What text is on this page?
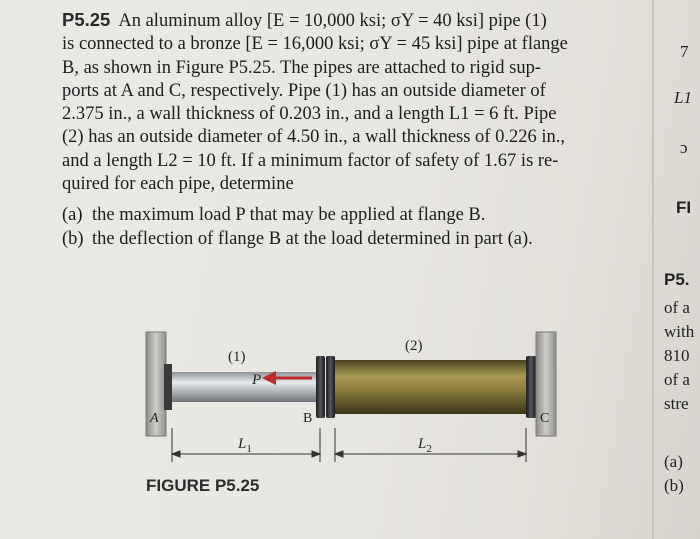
P5.25 An aluminum alloy [E = 10,000 ksi; σY = 40 ksi] pipe (1)

is connected to a bronze [E = 16,000 ksi; σY = 45 ksi] pipe at flange

B, as shown in Figure P5.25. The pipes are attached to rigid sup-

ports at A and C, respectively. Pipe (1) has an outside diameter of

2.375 in., a wall thickness of 0.203 in., and a length L1 = 6 ft. Pipe

(2) has an outside diameter of 4.50 in., a wall thickness of 0.226 in.,

and a length L2 = 10 ft. If a minimum factor of safety of 1.67 is re-

quired for each pipe, determine

(a) the maximum load P that may be applied at flange B.
(b) the deflection of flange B at the load determined in part (a).
P
(1)
(2)
A	B	C
$L_1$	$L_2$
FIGURE P5.25
7
L1
ɔ
FI
P5.
of a
with
810
of a
stre
(a)
(b)
